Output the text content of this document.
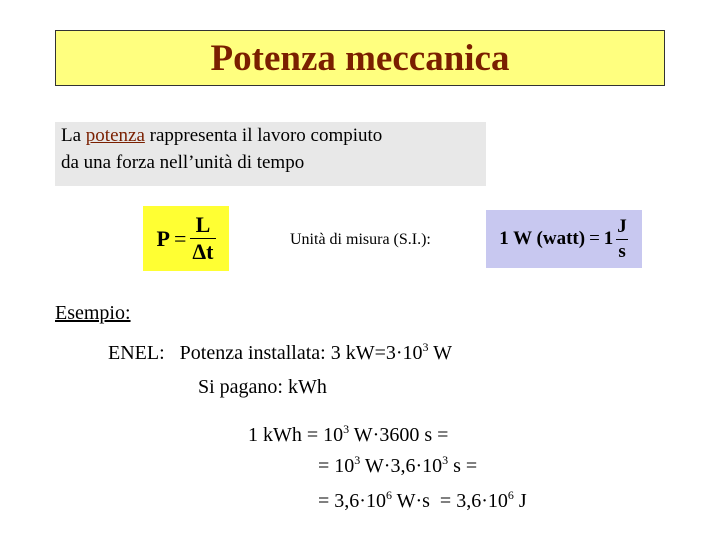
Potenza meccanica
La potenza rappresenta il lavoro compiuto
da una forza nell’unità di tempo
$P = \frac{L}{\Delta t}$	Unità di misura (S.I.):	1 W (watt) = $1 \frac{J}{s}$
Esempio:
ENEL: Potenza installata: 3 $kW=3\cdot 10^3$ W
Si pagano: kWh
1 kWh = $10^3$ W·3600 s =
= $10^3$ $W\cdot 3,6\cdot 10^3$ s =
= $3,6\cdot 10^6$ $W\cdot s = 3,6\cdot 10^6$ J
